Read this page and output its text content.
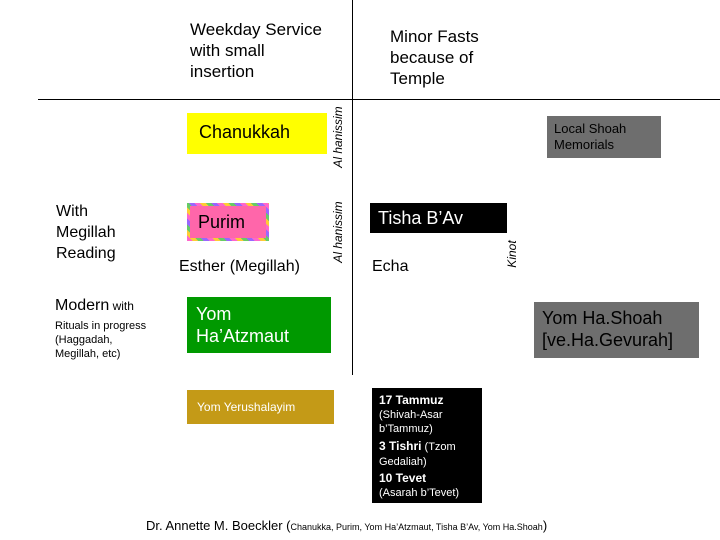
Weekday Service
with small
insertion
Minor Fasts
because of
Temple
Chanukkah	Al hanissim
Al hanissim
Local Shoah
Memorials
With
Megillah
Reading
Purim
Esther (Megillah)
Tisha B’Av
Echa	Kinot
Modern with
Rituals in progress
(Haggadah,
Megillah, etc)
Yom
Ha’Atzmaut
Yom Ha.Shoah
[ve.Ha.Gevurah]
Yom Yerushalayim	17 Tammuz
(Shivah-Asar
b’Tammuz)
3 Tishri (Tzom
Gedaliah)
10 Tevet
(Asarah b’Tevet)
Dr. Annette M. Boeckler (Chanukka, Purim, Yom Ha’Atzmaut, Tisha B’Av, Yom Ha.Shoah)
